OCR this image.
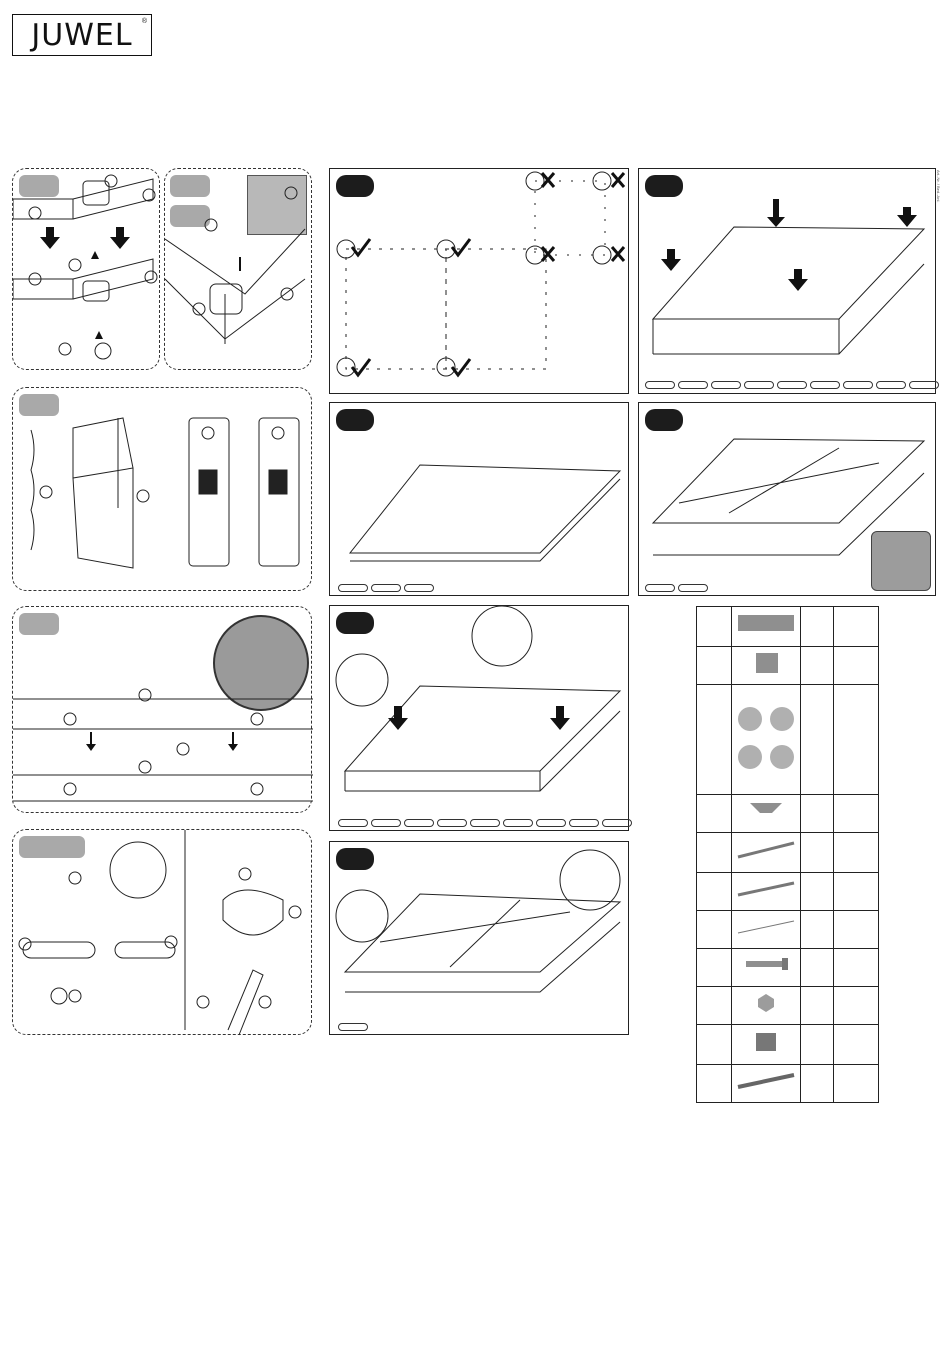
JUWEL ®
Art.-Nr. / Bed.-Anl.
